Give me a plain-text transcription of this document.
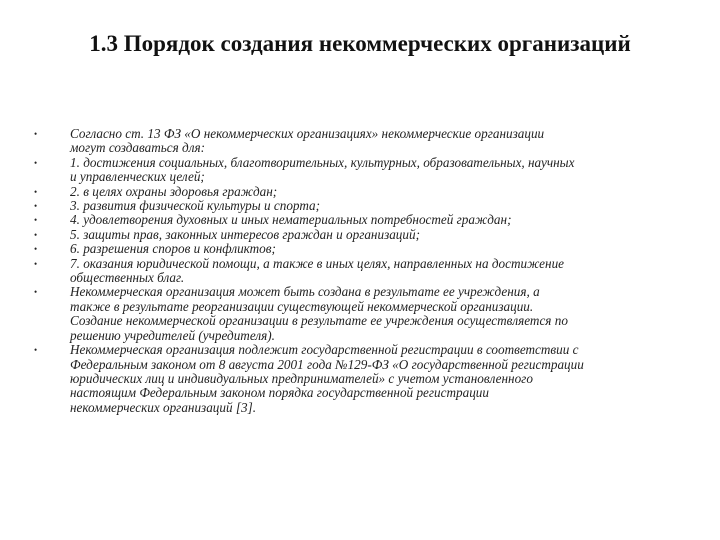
1.3 Порядок создания некоммерческих организаций
•	Согласно ст. 13 ФЗ «О некоммерческих организациях» некоммерческие организации
могут создаваться для:
•	1. достижения социальных, благотворительных, культурных, образовательных, научных
и управленческих целей;
•	2. в целях охраны здоровья граждан;
•	3. развития физической культуры и спорта;
•	4. удовлетворения духовных и иных нематериальных потребностей граждан;
•	5. защиты прав, законных интересов граждан и организаций;
•	6. разрешения споров и конфликтов;
•	7. оказания юридической помощи, а также в иных целях, направленных на достижение
общественных благ.
•	Некоммерческая организация может быть создана в результате ее учреждения, а
также в результате реорганизации существующей некоммерческой организации.
Создание некоммерческой организации в результате ее учреждения осуществляется по
решению учредителей (учредителя).
•	Некоммерческая организация подлежит государственной регистрации в соответствии с
Федеральным законом от 8 августа 2001 года №129-ФЗ «О государственной регистрации
юридических лиц и индивидуальных предпринимателей» с учетом установленного
настоящим Федеральным законом порядка государственной регистрации
некоммерческих организаций [3].
